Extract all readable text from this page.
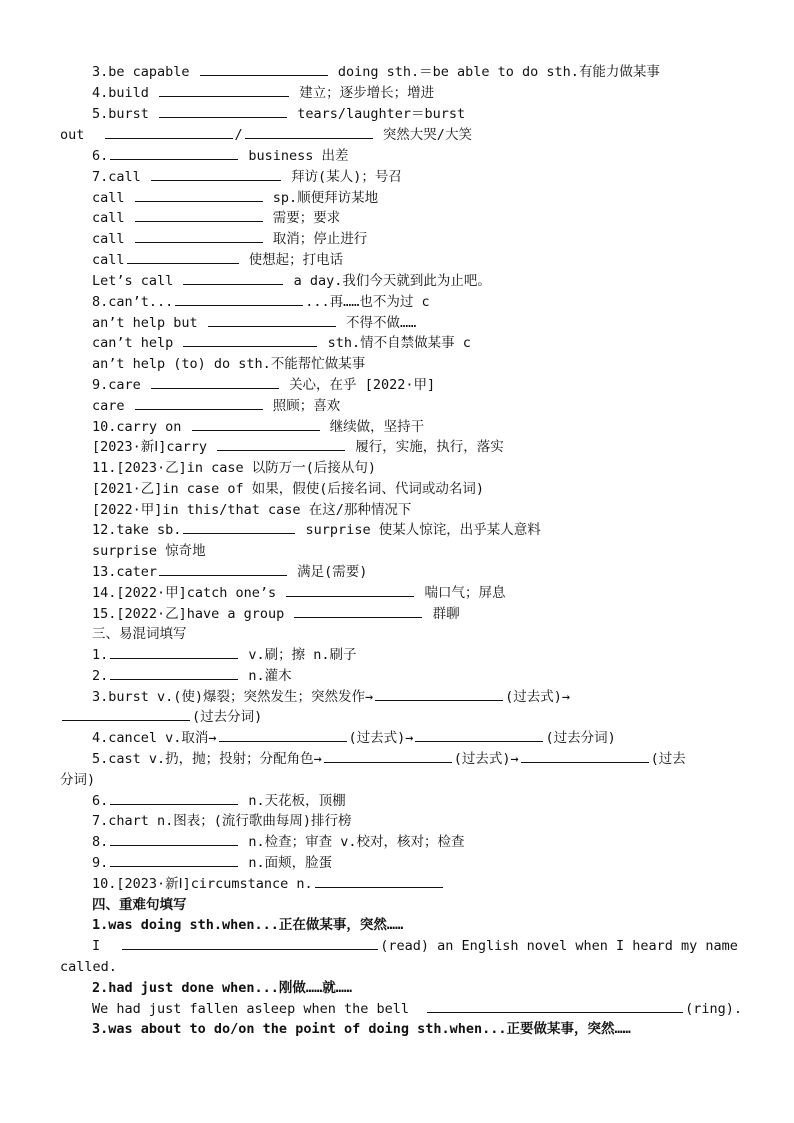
3.be capable	doing sth.＝be able to do sth.有能力做某事
4.build	建立；逐步增长；增进
5.burst	tears/laughter＝burst
out	/	突然大哭/大笑
6.	business 出差
7.call	拜访(某人)；号召
call	sp.顺便拜访某地
call	需要；要求
call	取消；停止进行
call	使想起；打电话
Let’s call	a day.我们今天就到此为止吧。
8.can’t...	...再……也不为过 c
an’t help but	不得不做……
can’t help	sth.情不自禁做某事 c
an’t help (to) do sth.不能帮忙做某事
9.care	关心，在乎 [2022·甲]
care	照顾；喜欢
10.carry on	继续做，坚持干
[2023·新Ⅰ]carry	履行，实施，执行，落实
11.[2023·乙]in case 以防万一(后接从句)
[2021·乙]in case of 如果，假使(后接名词、代词或动名词)
[2022·甲]in this/that case 在这/那种情况下
12.take sb.	surprise 使某人惊诧，出乎某人意料
surprise 惊奇地
13.cater	满足(需要)
14.[2022·甲]catch one’s	喘口气；屏息
15.[2022·乙]have a group	群聊
三、易混词填写
1.	v.刷；擦 n.刷子
2.	n.灌木
3.burst v.(使)爆裂；突然发生；突然发作→	(过去式)→
(过去分词)
4.cancel v.取消→	(过去式)→	(过去分词)
5.cast v.扔，抛；投射；分配角色→	(过去式)→	(过去
分词)
6.	n.天花板，顶棚
7.chart n.图表；(流行歌曲每周)排行榜
8.	n.检查；审查 v.校对，核对；检查
9.	n.面颊，脸蛋
10.[2023·新Ⅰ]circumstance n.
四、重难句填写
1.was doing sth.when...正在做某事，突然……
I	(read) an English novel when I heard my name
called.
2.had just done when...刚做……就……
We had just fallen asleep when the bell	(ring).
3.was about to do/on the point of doing sth.when...正要做某事，突然……
